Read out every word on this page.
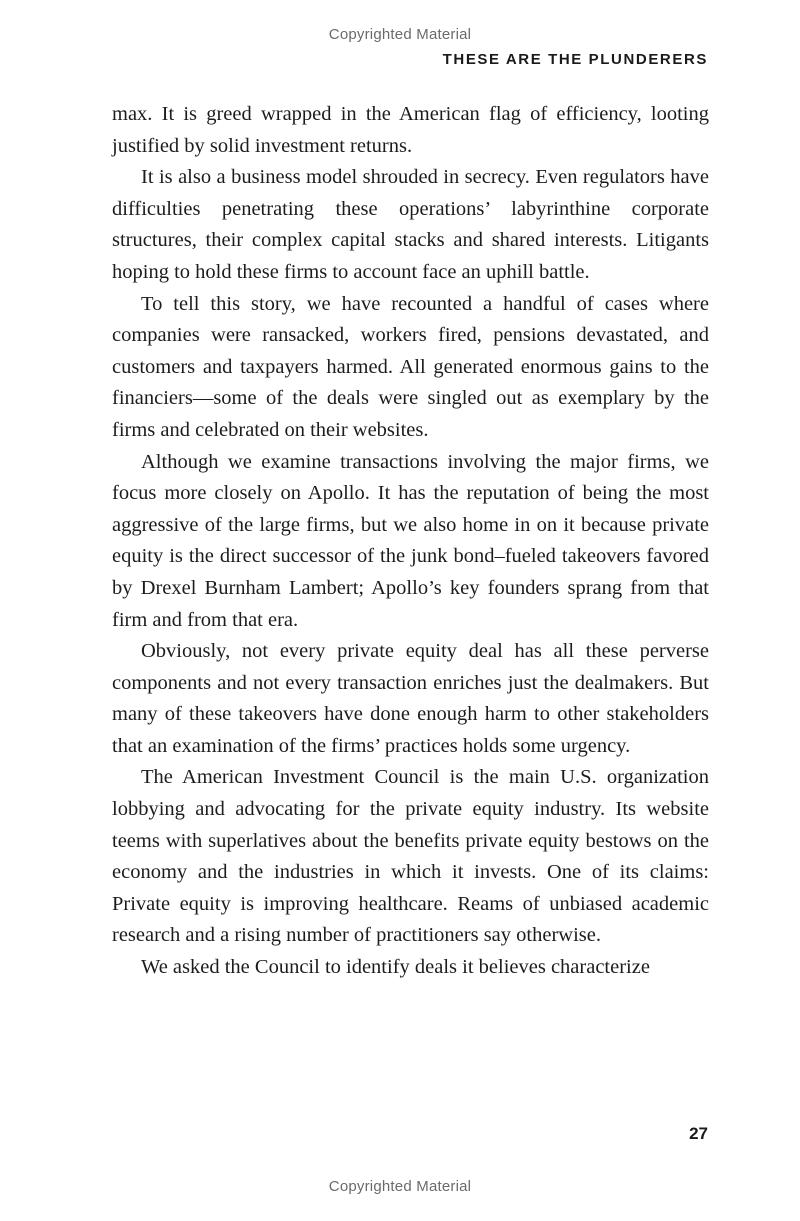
Copyrighted Material
THESE ARE THE PLUNDERERS

max. It is greed wrapped in the American flag of efficiency, looting justified by solid investment returns.

It is also a business model shrouded in secrecy. Even regulators have difficulties penetrating these operations’ labyrinthine corporate structures, their complex capital stacks and shared interests. Litigants hoping to hold these firms to account face an uphill battle.

To tell this story, we have recounted a handful of cases where companies were ransacked, workers fired, pensions devastated, and customers and taxpayers harmed. All generated enormous gains to the financiers—some of the deals were singled out as exemplary by the firms and celebrated on their websites.

Although we examine transactions involving the major firms, we focus more closely on Apollo. It has the reputation of being the most aggressive of the large firms, but we also home in on it because private equity is the direct successor of the junk bond–fueled takeovers favored by Drexel Burnham Lambert; Apollo’s key founders sprang from that firm and from that era.

Obviously, not every private equity deal has all these perverse components and not every transaction enriches just the dealmakers. But many of these takeovers have done enough harm to other stakeholders that an examination of the firms’ practices holds some urgency.

The American Investment Council is the main U.S. organization lobbying and advocating for the private equity industry. Its website teems with superlatives about the benefits private equity bestows on the economy and the industries in which it invests. One of its claims: Private equity is improving healthcare. Reams of unbiased academic research and a rising number of practitioners say otherwise.

We asked the Council to identify deals it believes characterize

27
Copyrighted Material
